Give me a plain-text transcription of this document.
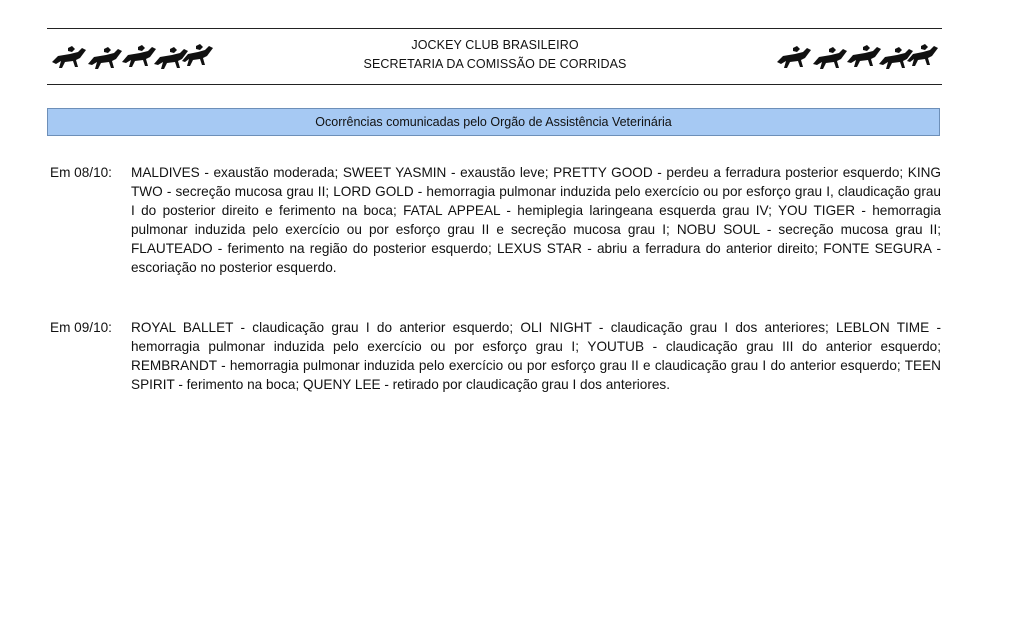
JOCKEY CLUB BRASILEIRO
SECRETARIA DA COMISSÃO DE CORRIDAS
Ocorrências comunicadas pelo Orgão de Assistência Veterinária
Em 08/10: MALDIVES - exaustão moderada; SWEET YASMIN - exaustão leve; PRETTY GOOD - perdeu a ferradura posterior esquerdo; KING TWO - secreção mucosa grau II; LORD GOLD - hemorragia pulmonar induzida pelo exercício ou por esforço grau I, claudicação grau I do posterior direito e ferimento na boca; FATAL APPEAL - hemiplegia laringeana esquerda grau IV; YOU TIGER - hemorragia pulmonar induzida pelo exercício ou por esforço grau II e secreção mucosa grau I; NOBU SOUL - secreção mucosa grau II; FLAUTEADO - ferimento na região do posterior esquerdo; LEXUS STAR - abriu a ferradura do anterior direito; FONTE SEGURA - escoriação no posterior esquerdo.
Em 09/10: ROYAL BALLET - claudicação grau I do anterior esquerdo; OLI NIGHT - claudicação grau I dos anteriores; LEBLON TIME - hemorragia pulmonar induzida pelo exercício ou por esforço grau I; YOUTUB - claudicação grau III do anterior esquerdo; REMBRANDT - hemorragia pulmonar induzida pelo exercício ou por esforço grau II e claudicação grau I do anterior esquerdo; TEEN SPIRIT - ferimento na boca; QUENY LEE - retirado por claudicação grau I dos anteriores.
